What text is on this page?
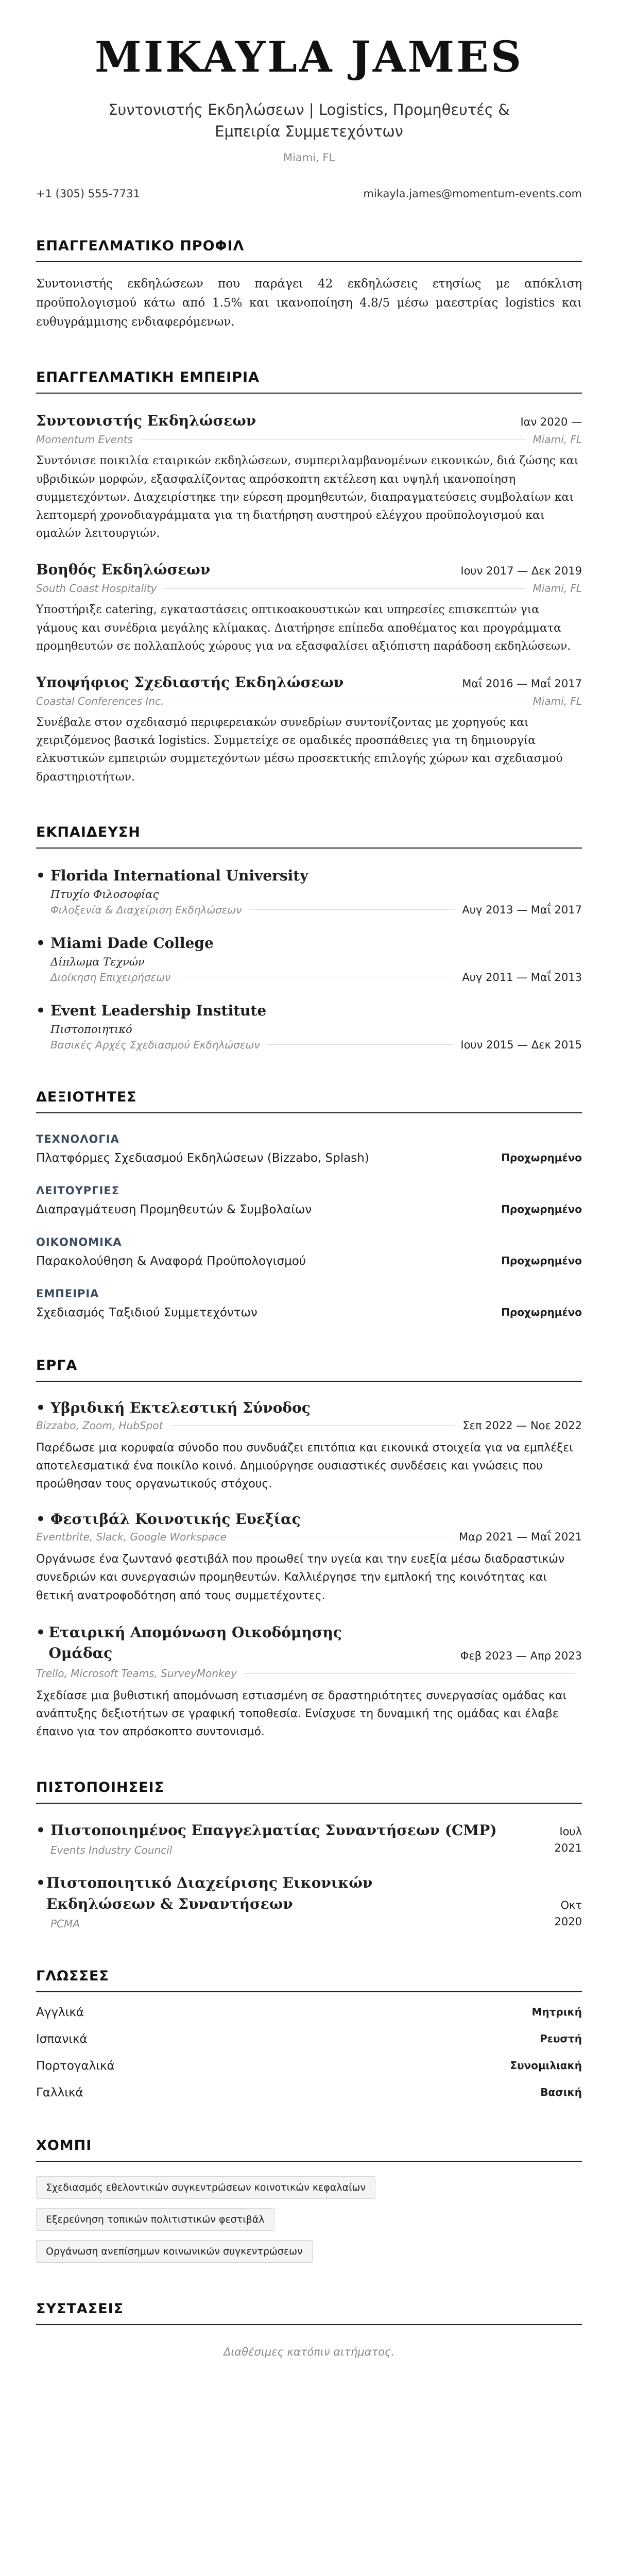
MIKAYLA JAMES
Συντονιστής Εκδηλώσεων | Logistics, Προμηθευτές & Εμπειρία Συμμετεχόντων
Miami, FL
+1 (305) 555-7731	mikayla.james@momentum-events.com
ΕΠΑΓΓΕΛΜΑΤΙΚΟ ΠΡΟΦΙΛ
Συντονιστής εκδηλώσεων που παράγει 42 εκδηλώσεις ετησίως με απόκλιση προϋπολογισμού κάτω από 1.5% και ικανοποίηση 4.8/5 μέσω μαεστρίας logistics και ευθυγράμμισης ενδιαφερόμενων.
ΕΠΑΓΓΕΛΜΑΤΙΚΗ ΕΜΠΕΙΡΙΑ
Συντονιστής Εκδηλώσεων	Ιαν 2020 —
Momentum Events	Miami, FL
Συντόνισε ποικιλία εταιρικών εκδηλώσεων, συμπεριλαμβανομένων εικονικών, διά ζώσης και υβριδικών μορφών, εξασφαλίζοντας απρόσκοπτη εκτέλεση και υψηλή ικανοποίηση συμμετεχόντων. Διαχειρίστηκε την εύρεση προμηθευτών, διαπραγματεύσεις συμβολαίων και λεπτομερή χρονοδιαγράμματα για τη διατήρηση αυστηρού ελέγχου προϋπολογισμού και ομαλών λειτουργιών.
Βοηθός Εκδηλώσεων	Ιουν 2017 — Δεκ 2019
South Coast Hospitality	Miami, FL
Υποστήριξε catering, εγκαταστάσεις οπτικοακουστικών και υπηρεσίες επισκεπτών για γάμους και συνέδρια μεγάλης κλίμακας. Διατήρησε επίπεδα αποθέματος και προγράμματα προμηθευτών σε πολλαπλούς χώρους για να εξασφαλίσει αξιόπιστη παράδοση εκδηλώσεων.
Υποψήφιος Σχεδιαστής Εκδηλώσεων	Μαΐ 2016 — Μαΐ 2017
Coastal Conferences Inc.	Miami, FL
Συνέβαλε στον σχεδιασμό περιφερειακών συνεδρίων συντονίζοντας με χορηγούς και χειριζόμενος βασικά logistics. Συμμετείχε σε ομαδικές προσπάθειες για τη δημιουργία ελκυστικών εμπειριών συμμετεχόντων μέσω προσεκτικής επιλογής χώρων και σχεδιασμού δραστηριοτήτων.
ΕΚΠΑΙΔΕΥΣΗ
• Florida International University
Πτυχίο Φιλοσοφίας
Φιλοξενία & Διαχείριση Εκδηλώσεων	Αυγ 2013 — Μαΐ 2017
• Miami Dade College
Δίπλωμα Τεχνών
Διοίκηση Επιχειρήσεων	Αυγ 2011 — Μαΐ 2013
• Event Leadership Institute
Πιστοποιητικό
Βασικές Αρχές Σχεδιασμού Εκδηλώσεων	Ιουν 2015 — Δεκ 2015
ΔΕΞΙΟΤΗΤΕΣ
ΤΕΧΝΟΛΟΓΙΑ
Πλατφόρμες Σχεδιασμού Εκδηλώσεων (Bizzabo, Splash)	Προχωρημένο
ΛΕΙΤΟΥΡΓΙΕΣ
Διαπραγμάτευση Προμηθευτών & Συμβολαίων	Προχωρημένο
ΟΙΚΟΝΟΜΙΚΑ
Παρακολούθηση & Αναφορά Προϋπολογισμού	Προχωρημένο
ΕΜΠΕΙΡΙΑ
Σχεδιασμός Ταξιδιού Συμμετεχόντων	Προχωρημένο
ΕΡΓΑ
• Υβριδική Εκτελεστική Σύνοδος
Bizzabo, Zoom, HubSpot	Σεπ 2022 — Νοε 2022
Παρέδωσε μια κορυφαία σύνοδο που συνδυάζει επιτόπια και εικονικά στοιχεία για να εμπλέξει αποτελεσματικά ένα ποικίλο κοινό. Δημιούργησε ουσιαστικές συνδέσεις και γνώσεις που προώθησαν τους οργανωτικούς στόχους.
• Φεστιβάλ Κοινοτικής Ευεξίας
Eventbrite, Slack, Google Workspace	Μαρ 2021 — Μαΐ 2021
Οργάνωσε ένα ζωντανό φεστιβάλ που προωθεί την υγεία και την ευεξία μέσω διαδραστικών συνεδριών και συνεργασιών προμηθευτών. Καλλιέργησε την εμπλοκή της κοινότητας και θετική ανατροφοδότηση από τους συμμετέχοντες.
• Εταιρική Απομόνωση Οικοδόμησης Ομάδας	Φεβ 2023 — Απρ 2023
Trello, Microsoft Teams, SurveyMonkey
Σχεδίασε μια βυθιστική απομόνωση εστιασμένη σε δραστηριότητες συνεργασίας ομάδας και ανάπτυξης δεξιοτήτων σε γραφική τοποθεσία. Ενίσχυσε τη δυναμική της ομάδας και έλαβε έπαινο για τον απρόσκοπτο συντονισμό.
ΠΙΣΤΟΠΟΙΗΣΕΙΣ
• Πιστοποιημένος Επαγγελματίας Συναντήσεων (CMP)
Events Industry Council
Ιουλ
2021
• Πιστοποιητικό Διαχείρισης Εικονικών Εκδηλώσεων & Συναντήσεων
PCMA
Οκτ
2020
ΓΛΩΣΣΕΣ
Αγγλικά	Μητρική
Ισπανικά	Ρευστή
Πορτογαλικά	Συνομιλιακή
Γαλλικά	Βασική
ΧΟΜΠΙ
Σχεδιασμός εθελοντικών συγκεντρώσεων κοινοτικών κεφαλαίων
Εξερεύνηση τοπικών πολιτιστικών φεστιβάλ
Οργάνωση ανεπίσημων κοινωνικών συγκεντρώσεων
ΣΥΣΤΑΣΕΙΣ
Διαθέσιμες κατόπιν αιτήματος.
